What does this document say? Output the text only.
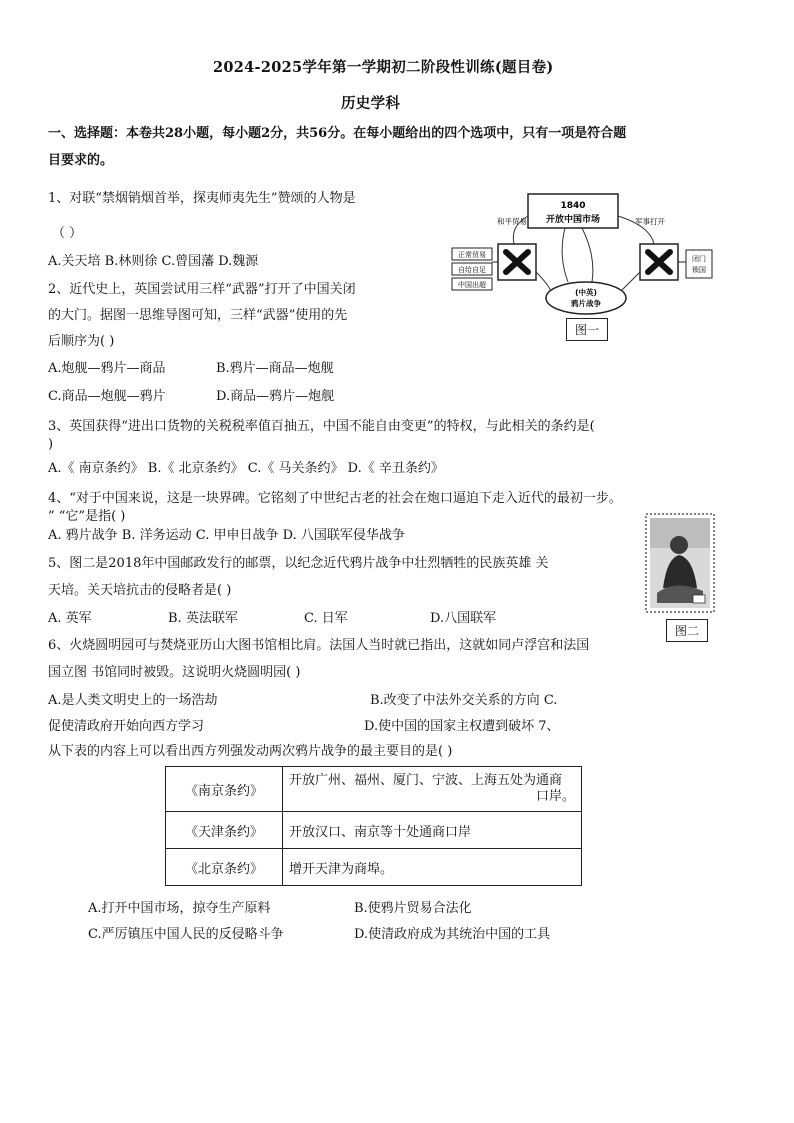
2024-2025学年第一学期初二阶段性训练(题目卷)
历史学科
一、选择题：本卷共28小题，每小题2分，共56分。在每小题给出的四个选项中，只有一项是符合题
目要求的。
1、对联“禁烟销烟首举，探夷师夷先生”赞颂的人物是
（ ）
A.关天培 B.林则徐 C.曾国藩 D.魏源
2、近代史上，英国尝试用三样“武器”打开了中国关闭
的大门。据图一思维导图可知，三样“武器”使用的先
后顺序为( )
A.炮舰—鸦片—商品	B.鸦片—商品—炮舰
C.商品—炮舰—鸦片	D.商品—鸦片—炮舰
1840
开放中国市场
和平贸易	军事打开
正常贸易
自给自足
中国出超
闭门
锁国
(中英)
鸦片战争
图一
3、英国获得“进出口货物的关税税率值百抽五，中国不能自由变更”的特权，与此相关的条约是(
)
A.《 南京条约》 B.《 北京条约》 C.《 马关条约》 D.《 辛丑条约》
4、“对于中国来说，这是一块界碑。它铭刻了中世纪古老的社会在炮口逼迫下走入近代的最初一步。
” “它”是指( )
A. 鸦片战争 B. 洋务运动 C. 甲申日战争 D. 八国联军侵华战争
图二
5、图二是2018年中国邮政发行的邮票，以纪念近代鸦片战争中壮烈牺牲的民族英雄 关
天培。关天培抗击的侵略者是( )
A. 英军	B. 英法联军	C. 日军	D.八国联军
6、火烧圆明园可与焚烧亚历山大图书馆相比肩。法国人当时就已指出，这就如同卢浮宫和法国
国立图 书馆同时被毁。这说明火烧圆明园( )
A.是人类文明史上的一场浩劫	B.改变了中法外交关系的方向 C.
促使清政府开始向西方学习	D.使中国的国家主权遭到破坏 7、
从下表的内容上可以看出西方列强发动两次鸦片战争的最主要目的是( )
《南京条约》	开放广州、福州、厦门、宁波、上海五处为通商
口岸。

《天津条约》	开放汉口、南京等十处通商口岸
《北京条约》	增开天津为商埠。
A.打开中国市场，掠夺生产原料	B.使鸦片贸易合法化
C.严厉镇压中国人民的反侵略斗争	D.使清政府成为其统治中国的工具
